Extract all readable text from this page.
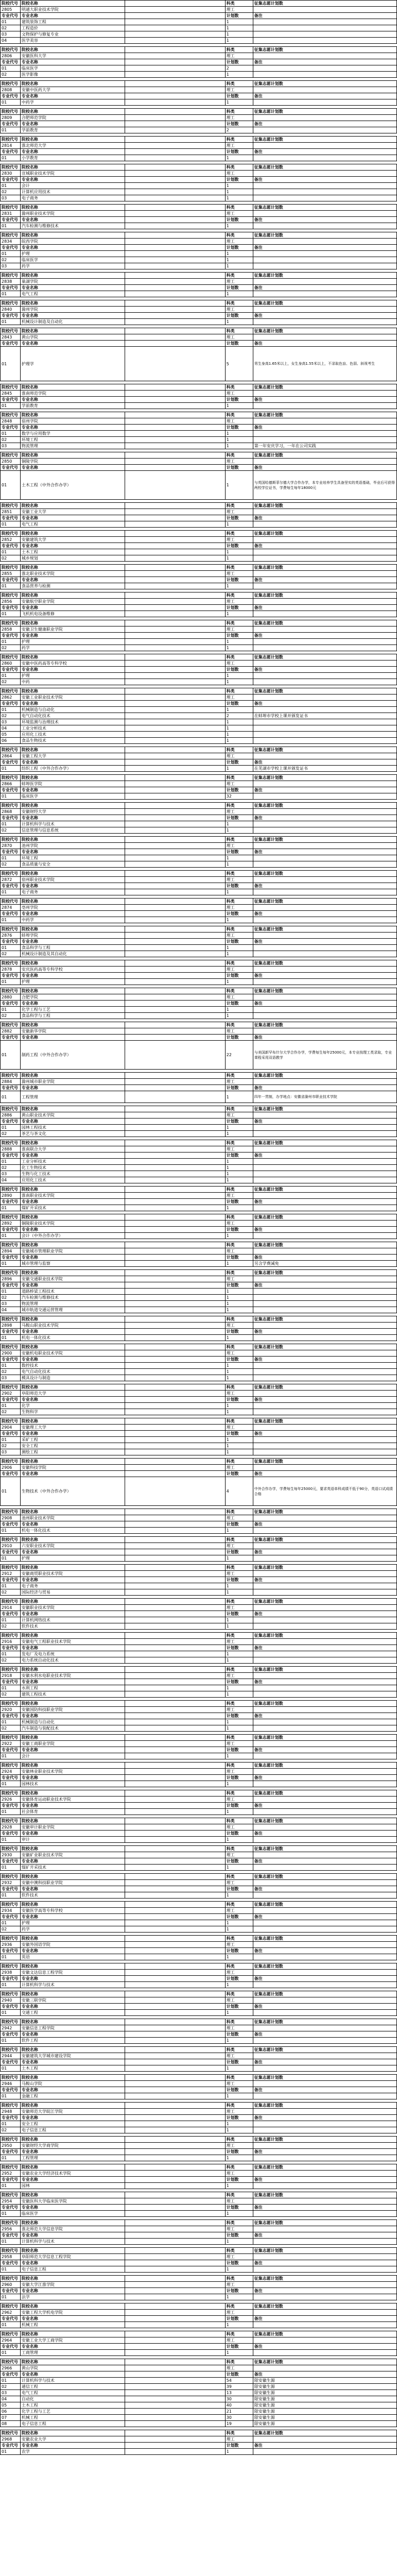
院校代号	院校名称		科类	征集志愿计划数
2805	明通大职业技术学院		理工	
专业代号	专业名称		计划数	备注
01	建筑装饰工程		1	
02	工程造价		1	
03	文物保护与修复专业		1	
04	医学美容		1	
院校代号	院校名称		科类	征集志愿计划数
2806	安徽医科大学		理工	
专业代号	专业名称		计划数	备注
01	临床医学		2	
02	医学影像		1	
院校代号	院校名称		科类	征集志愿计划数
2808	安徽中医药大学		理工	
专业代号	专业名称		计划数	备注
01	中药学		1	
院校代号	院校名称		科类	征集志愿计划数
2809	合肥师范学院		理工	
专业代号	专业名称		计划数	备注
01	学前教育		2	
院校代号	院校名称		科类	征集志愿计划数
2814	淮北师范大学		理工	
专业代号	专业名称		计划数	备注
01	小学教育		1	
院校代号	院校名称		科类	征集志愿计划数
2830	宣城职业技术学院		理工	
专业代号	专业名称		计划数	备注
01	会计		1	
02	计算机应用技术		1	
03	电子商务		1	
院校代号	院校名称		科类	征集志愿计划数
2831	滁州职业技术学院		理工	
专业代号	专业名称		计划数	备注
01	汽车检测与维修技术		1	
院校代号	院校名称		科类	征集志愿计划数
2834	皖西学院		理工	
专业代号	专业名称		计划数	备注
01	护理		1	
02	临床医学		1	
03	药学		1	
院校代号	院校名称		科类	征集志愿计划数
2838	巢湖学院		理工	
专业代号	专业名称		计划数	备注
01	电气工程		1	
院校代号	院校名称		科类	征集志愿计划数
2840	滁州学院		理工	
专业代号	专业名称		计划数	备注
01	机械设计制造及自动化		1	
院校代号	院校名称		科类	征集志愿计划数
2843	黄山学院		理工	
专业代号	专业名称		计划数	备注
01	护理学		5	男生身高1.65米以上，女生身高1.55米以上，不录取色盲、色弱、斜视考生
院校代号	院校名称		科类	征集志愿计划数
2845	淮南师范学院		理工	
专业代号	专业名称		计划数	备注
01	学前教育		1	
院校代号	院校名称		科类	征集志愿计划数
2848	宿州学院		理工	
专业代号	专业名称		计划数	备注
01	数学与应用数学		1	
02	环境工程		1	
03	物流管理		1	第一年安庆学习，一年在公司实践
院校代号	院校名称		科类	征集志愿计划数
2850	铜陵学院		理工	
专业代号	专业名称		计划数	备注
01	土木工程（中外合作办学）		1	与英国哈德斯菲尔德大学合作办学，本专业培养学生具备坚实的英语基础，毕业后可获得两校学位证书，学费每生每年18000元
院校代号	院校名称		科类	征集志愿计划数
2851	安徽工业大学		理工	
专业代号	专业名称		计划数	备注
01	电气工程		1	
院校代号	院校名称		科类	征集志愿计划数
2852	安徽建筑大学		理工	
专业代号	专业名称		计划数	备注
01	土木工程		1	
02	城乡规划		1	
院校代号	院校名称		科类	征集志愿计划数
2855	淮北职业技术学院		理工	
专业代号	专业名称		计划数	备注
01	食品营养与检测		1	
院校代号	院校名称		科类	征集志愿计划数
2856	安徽航空职业学院		理工	
专业代号	专业名称		计划数	备注
01	飞机机电设备维修		1	
院校代号	院校名称		科类	征集志愿计划数
2858	安徽卫生健康职业学院		理工	
专业代号	专业名称		计划数	备注
01	护理		1	
02	药学		1	
院校代号	院校名称		科类	征集志愿计划数
2860	安徽中医药高等专科学校		理工	
专业代号	专业名称		计划数	备注
01	护理		1	
02	中药		1	
院校代号	院校名称		科类	征集志愿计划数
2862	安徽工业职业技术学院		理工	
专业代号	专业名称		计划数	备注
01	机械制造与自动化		1	
02	电气自动化技术		2	在蚌埠市学校上课并颁发证书
03	环境监测与治理技术		1	
04	工业分析技术		1	
05	应用化工技术		1	
06	食品生物技术		1	
院校代号	院校名称		科类	征集志愿计划数
2864	安徽工程大学		理工	
专业代号	专业名称		计划数	备注
01	纺织工程（中外合作办学）		1	在芜湖市学校上课并颁发证书
院校代号	院校名称		科类	征集志愿计划数
2866	蚌埠医学院		理工	
专业代号	专业名称		计划数	备注
01	临床医学		32	
院校代号	院校名称		科类	征集志愿计划数
2868	安徽财经大学		理工	
专业代号	专业名称		计划数	备注
01	计算机科学与技术		1	
02	信息管理与信息系统		1	
院校代号	院校名称		科类	征集志愿计划数
2870	池州学院		理工	
专业代号	专业名称		计划数	备注
01	环境工程		1	
02	食品质量与安全		1	
院校代号	院校名称		科类	征集志愿计划数
2872	宿州职业技术学院		理工	
专业代号	专业名称		计划数	备注
01	电子商务		1	
院校代号	院校名称		科类	征集志愿计划数
2874	亳州学院		理工	
专业代号	专业名称		计划数	备注
01	中药学		1	
院校代号	院校名称		科类	征集志愿计划数
2876	蚌埠学院		理工	
专业代号	专业名称		计划数	备注
01	食品科学与工程		1	
02	机械设计制造及其自动化		1	
院校代号	院校名称		科类	征集志愿计划数
2878	安庆医药高等专科学校		理工	
专业代号	专业名称		计划数	备注
01	护理		1	
院校代号	院校名称		科类	征集志愿计划数
2880	合肥学院		理工	
专业代号	专业名称		计划数	备注
01	化学工程与工艺		1	
02	食品科学与工程		1	
院校代号	院校名称		科类	征集志愿计划数
2882	安徽新华学院		理工	
专业代号	专业名称		计划数	备注
01	制药工程（中外合作办学）		22	与美国新罕布什尔大学合作办学，学费每生每年25000元，本专业按理工类录取，专业课程采用双语教学
院校代号	院校名称		科类	征集志愿计划数
2884	滁州城市职业学院		理工	
专业代号	专业名称		计划数	备注
01	工程管理		1	四年一贯制，办学地点：安徽省滁州市职业技术学院
院校代号	院校名称		科类	征集志愿计划数
2886	黄山职业技术学院		理工	
专业代号	专业名称		计划数	备注
01	园林工程技术		1	
02	茶艺与茶文化		1	
院校代号	院校名称		科类	征集志愿计划数
2888	淮南联合大学		理工	
专业代号	专业名称		计划数	备注
01	工业分析技术		1	
02	化工生物技术		1	
03	生物与化工技术		1	
04	应用化工技术		1	
院校代号	院校名称		科类	征集志愿计划数
2890	淮南职业技术学院		理工	
专业代号	专业名称		计划数	备注
01	煤矿开采技术		1	
院校代号	院校名称		科类	征集志愿计划数
2892	铜陵职业技术学院		理工	
专业代号	专业名称		计划数	备注
01	会计（中外合作办学）		1	
院校代号	院校名称		科类	征集志愿计划数
2894	安徽城市管理职业学院		理工	
专业代号	专业名称		计划数	备注
01	城市管理与监察		1	另含学费减免
院校代号	院校名称		科类	征集志愿计划数
2896	安徽交通职业技术学院		理工	
专业代号	专业名称		计划数	备注
01	道路桥梁工程技术		1	
02	汽车检测与维修技术		1	
03	物流管理		1	
04	城市轨道交通运营管理		1	
院校代号	院校名称		科类	征集志愿计划数
2898	马鞍山职业技术学院		理工	
专业代号	专业名称		计划数	备注
01	机电一体化技术		1	
院校代号	院校名称		科类	征集志愿计划数
2900	安徽机电职业技术学院		理工	
专业代号	专业名称		计划数	备注
01	数控技术		1	
02	电气自动化技术		1	
03	模具设计与制造		1	
院校代号	院校名称		科类	征集志愿计划数
2902	阜阳师范大学		理工	
专业代号	专业名称		计划数	备注
01	化学		1	
02	生物科学		1	
院校代号	院校名称		科类	征集志愿计划数
2904	安徽理工大学		理工	
专业代号	专业名称		计划数	备注
01	采矿工程		1	
02	安全工程		1	
03	测绘工程		1	
院校代号	院校名称		科类	征集志愿计划数
2906	安徽科技学院		理工	
专业代号	专业名称		计划数	备注
01	生物技术（中外合作办学）		4	中外合作办学，学费每生每年25000元，要求英语单科成绩不低于90分，英语口试成绩合格
院校代号	院校名称		科类	征集志愿计划数
2908	池州职业技术学院		理工	
专业代号	专业名称		计划数	备注
01	机电一体化技术		1	
院校代号	院校名称		科类	征集志愿计划数
2910	六安职业技术学院		理工	
专业代号	专业名称		计划数	备注
01	护理		1	
院校代号	院校名称		科类	征集志愿计划数
2912	安徽商贸职业技术学院		理工	
专业代号	专业名称		计划数	备注
01	电子商务		1	
02	国际经济与贸易		1	
院校代号	院校名称		科类	征集志愿计划数
2914	安徽职业技术学院		理工	
专业代号	专业名称		计划数	备注
01	计算机网络技术		1	
02	软件技术		1	
院校代号	院校名称		科类	征集志愿计划数
2916	安徽电气工程职业技术学院		理工	
专业代号	专业名称		计划数	备注
01	发电厂及电力系统		1	
02	电力系统自动化技术		1	
院校代号	院校名称		科类	征集志愿计划数
2918	安徽水利水电职业技术学院		理工	
专业代号	专业名称		计划数	备注
01	水利工程		1	
02	建筑工程技术		1	
院校代号	院校名称		科类	征集志愿计划数
2920	安徽国防科技职业学院		理工	
专业代号	专业名称		计划数	备注
01	机械制造与自动化		1	
02	汽车制造与装配技术		1	
院校代号	院校名称		科类	征集志愿计划数
2922	安徽工商职业学院		理工	
专业代号	专业名称		计划数	备注
01	会计		1	
院校代号	院校名称		科类	征集志愿计划数
2924	安徽林业职业技术学院		理工	
专业代号	专业名称		计划数	备注
01	园林技术		1	
院校代号	院校名称		科类	征集志愿计划数
2926	安徽体育运动职业技术学院		理工	
专业代号	专业名称		计划数	备注
01	社会体育		1	
院校代号	院校名称		科类	征集志愿计划数
2928	安徽审计职业学院		理工	
专业代号	专业名称		计划数	备注
01	审计		1	
院校代号	院校名称		科类	征集志愿计划数
2930	安徽矿业职业技术学院		理工	
专业代号	专业名称		计划数	备注
01	煤矿开采技术		1	
院校代号	院校名称		科类	征集志愿计划数
2932	安徽中澳科技职业学院		理工	
专业代号	专业名称		计划数	备注
01	软件技术		1	
院校代号	院校名称		科类	征集志愿计划数
2934	安徽医学高等专科学校		理工	
专业代号	专业名称		计划数	备注
01	护理		1	
02	药学		1	
院校代号	院校名称		科类	征集志愿计划数
2936	安徽外国语学院		理工	
专业代号	专业名称		计划数	备注
01	英语		1	
院校代号	院校名称		科类	征集志愿计划数
2938	安徽文达信息工程学院		理工	
专业代号	专业名称		计划数	备注
01	计算机科学与技术		1	
院校代号	院校名称		科类	征集志愿计划数
2940	安徽三联学院		理工	
专业代号	专业名称		计划数	备注
01	交通工程		1	
院校代号	院校名称		科类	征集志愿计划数
2942	安徽信息工程学院		理工	
专业代号	专业名称		计划数	备注
01	软件工程		1	
院校代号	院校名称		科类	征集志愿计划数
2944	安徽建筑大学城市建设学院		理工	
专业代号	专业名称		计划数	备注
01	土木工程		1	
院校代号	院校名称		科类	征集志愿计划数
2946	马鞍山学院		理工	
专业代号	专业名称		计划数	备注
01	金融工程		1	
院校代号	院校名称		科类	征集志愿计划数
2948	安徽师范大学皖江学院		理工	
专业代号	专业名称		计划数	备注
01	安全工程		1	
02	电子信息工程		1	
院校代号	院校名称		科类	征集志愿计划数
2950	安徽财经大学商学院		理工	
专业代号	专业名称		计划数	备注
01	工程管理		1	
院校代号	院校名称		科类	征集志愿计划数
2952	安徽农业大学经济技术学院		理工	
专业代号	专业名称		计划数	备注
01	园林		1	
院校代号	院校名称		科类	征集志愿计划数
2954	安徽医科大学临床医学院		理工	
专业代号	专业名称		计划数	备注
01	临床医学		1	
院校代号	院校名称		科类	征集志愿计划数
2956	淮北师范大学信息学院		理工	
专业代号	专业名称		计划数	备注
01	计算机科学与技术		1	
院校代号	院校名称		科类	征集志愿计划数
2958	阜阳师范大学信息工程学院		理工	
专业代号	专业名称		计划数	备注
01	电子信息工程		1	
院校代号	院校名称		科类	征集志愿计划数
2960	安徽大学江淮学院		理工	
专业代号	专业名称		计划数	备注
01	法学		1	
院校代号	院校名称		科类	征集志愿计划数
2962	安徽工程大学机电学院		理工	
专业代号	专业名称		计划数	备注
01	机械工程		1	
院校代号	院校名称		科类	征集志愿计划数
2964	安徽工业大学工商学院		理工	
专业代号	专业名称		计划数	备注
01	工商管理		1	
院校代号	院校名称		科类	征集志愿计划数
2966	黄山学院		理工	
专业代号	专业名称		计划数	备注
01	计算机科学与技术		54	限安徽生源
02	通信工程		39	限安徽生源
03	电气工程		13	限安徽生源
04	自动化		30	限安徽生源
05	土木工程		40	限安徽生源
06	化学工程与工艺		21	限安徽生源
07	机械工程		30	限安徽生源
08	电子信息工程		19	限安徽生源
院校代号	院校名称		科类	征集志愿计划数
2968	安徽农业大学		理工	
专业代号	专业名称		计划数	备注
01	农学		1	
